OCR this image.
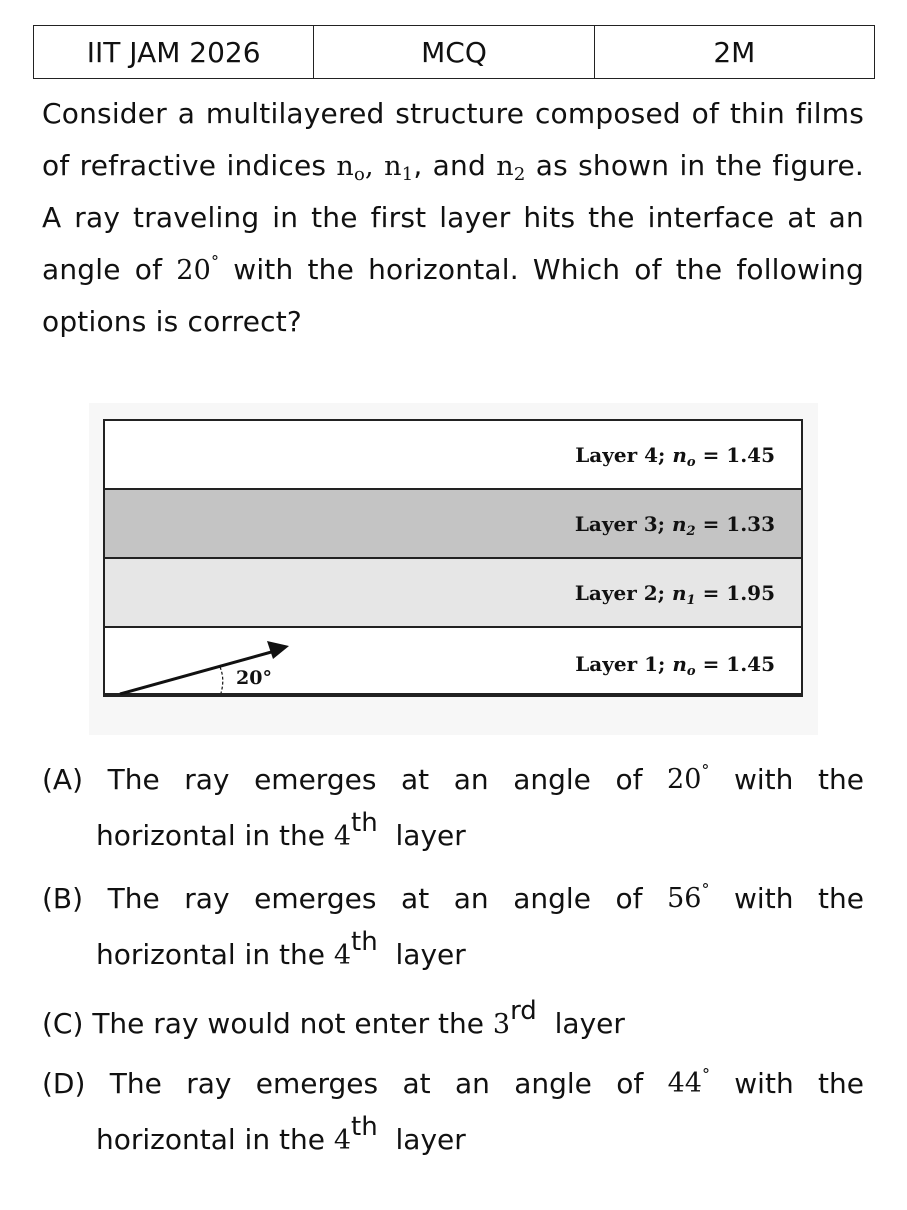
IIT JAM 2026	MCQ	2M
Consider a multilayered structure composed of thin films of refractive indices $n_o$, $n_1$, and $n_2$ as shown in the figure. A ray traveling in the first layer hits the interface at an angle of 20° with the horizontal. Which of the following options is correct?
Layer 4; $n_o = 1.45$
Layer 3; $n_2 = 1.33$
Layer 2; $n_1 = 1.95$
Layer 1; $n_o = 1.45$
20°
(A) The ray emerges at an angle of 20° with the
horizontal in the 4th layer
(B) The ray emerges at an angle of 56° with the
horizontal in the 4th layer
(C) The ray would not enter the 3rd layer
(D) The ray emerges at an angle of 44° with the
horizontal in the 4th layer
